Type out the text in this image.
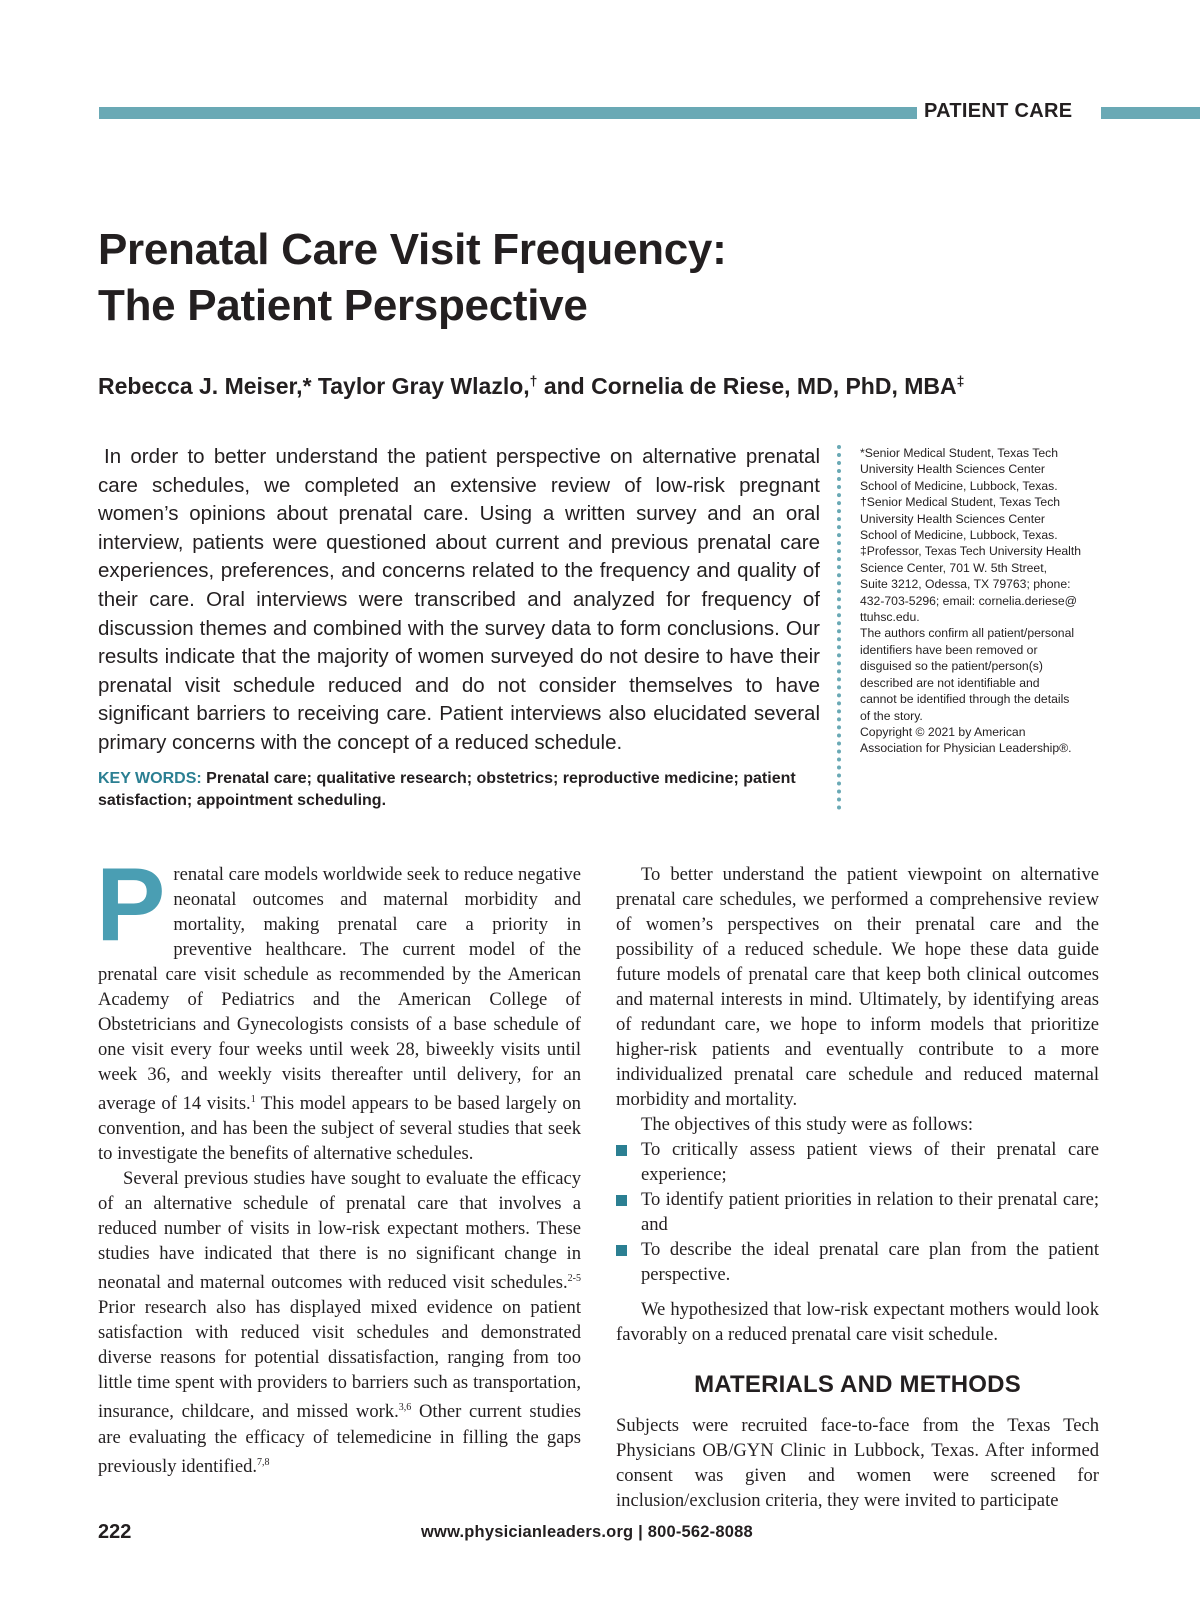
PATIENT CARE
Prenatal Care Visit Frequency:
The Patient Perspective
Rebecca J. Meiser,* Taylor Gray Wlazlo,† and Cornelia de Riese, MD, PhD, MBA‡

In order to better understand the patient perspective on alternative prenatal care schedules, we completed an extensive review of low-risk pregnant women’s opinions about prenatal care. Using a written survey and an oral interview, patients were questioned about current and previous prenatal care experiences, preferences, and concerns related to the frequency and quality of their care. Oral interviews were transcribed and analyzed for frequency of discussion themes and combined with the survey data to form conclusions. Our results indicate that the majority of women surveyed do not desire to have their prenatal visit schedule reduced and do not consider themselves to have significant barriers to receiving care. Patient interviews also elucidated several primary concerns with the concept of a reduced schedule.

KEY WORDS: Prenatal care; qualitative research; obstetrics; reproductive medicine; patient satisfaction; appointment scheduling.
*Senior Medical Student, Texas Tech
University Health Sciences Center
School of Medicine, Lubbock, Texas.
†Senior Medical Student, Texas Tech
University Health Sciences Center
School of Medicine, Lubbock, Texas.
‡Professor, Texas Tech University Health
Science Center, 701 W. 5th Street,
Suite 3212, Odessa, TX 79763; phone:
432-703-5296; email: cornelia.deriese@
ttuhsc.edu.
The authors confirm all patient/personal
identifiers have been removed or
disguised so the patient/person(s)
described are not identifiable and
cannot be identified through the details
of the story.
Copyright © 2021 by American
Association for Physician Leadership®.

Prenatal care models worldwide seek to reduce negative neonatal outcomes and maternal morbidity and mortality, making prenatal care a priority in preventive healthcare. The current model of the prenatal care visit schedule as recommended by the American Academy of Pediatrics and the American College of Obstetricians and Gynecologists consists of a base schedule of one visit every four weeks until week 28, biweekly visits until week 36, and weekly visits thereafter until delivery, for an average of 14 visits.$^1$ This model appears to be based largely on convention, and has been the subject of several studies that seek to investigate the benefits of alternative schedules.

Several previous studies have sought to evaluate the efficacy of an alternative schedule of prenatal care that involves a reduced number of visits in low-risk expectant mothers. These studies have indicated that there is no significant change in neonatal and maternal outcomes with reduced visit schedules.$^{2-5}$ Prior research also has displayed mixed evidence on patient satisfaction with reduced visit schedules and demonstrated diverse reasons for potential dissatisfaction, ranging from too little time spent with providers to barriers such as transportation, insurance, childcare, and missed work.$^{3,6}$ Other current studies are evaluating the efficacy of telemedicine in filling the gaps previously identified.$^{7,8}$

To better understand the patient viewpoint on alternative prenatal care schedules, we performed a comprehensive review of women’s perspectives on their prenatal care and the possibility of a reduced schedule. We hope these data guide future models of prenatal care that keep both clinical outcomes and maternal interests in mind. Ultimately, by identifying areas of redundant care, we hope to inform models that prioritize higher-risk patients and eventually contribute to a more individualized prenatal care schedule and reduced maternal morbidity and mortality.

The objectives of this study were as follows:

To critically assess patient views of their prenatal care experience;
To identify patient priorities in relation to their prenatal care; and
To describe the ideal prenatal care plan from the patient perspective.

We hypothesized that low-risk expectant mothers would look favorably on a reduced prenatal care visit schedule.

MATERIALS AND METHODS

Subjects were recruited face-to-face from the Texas Tech Physicians OB/GYN Clinic in Lubbock, Texas. After informed consent was given and women were screened for inclusion/exclusion criteria, they were invited to participate

222	www.physicianleaders.org | 800-562-8088
